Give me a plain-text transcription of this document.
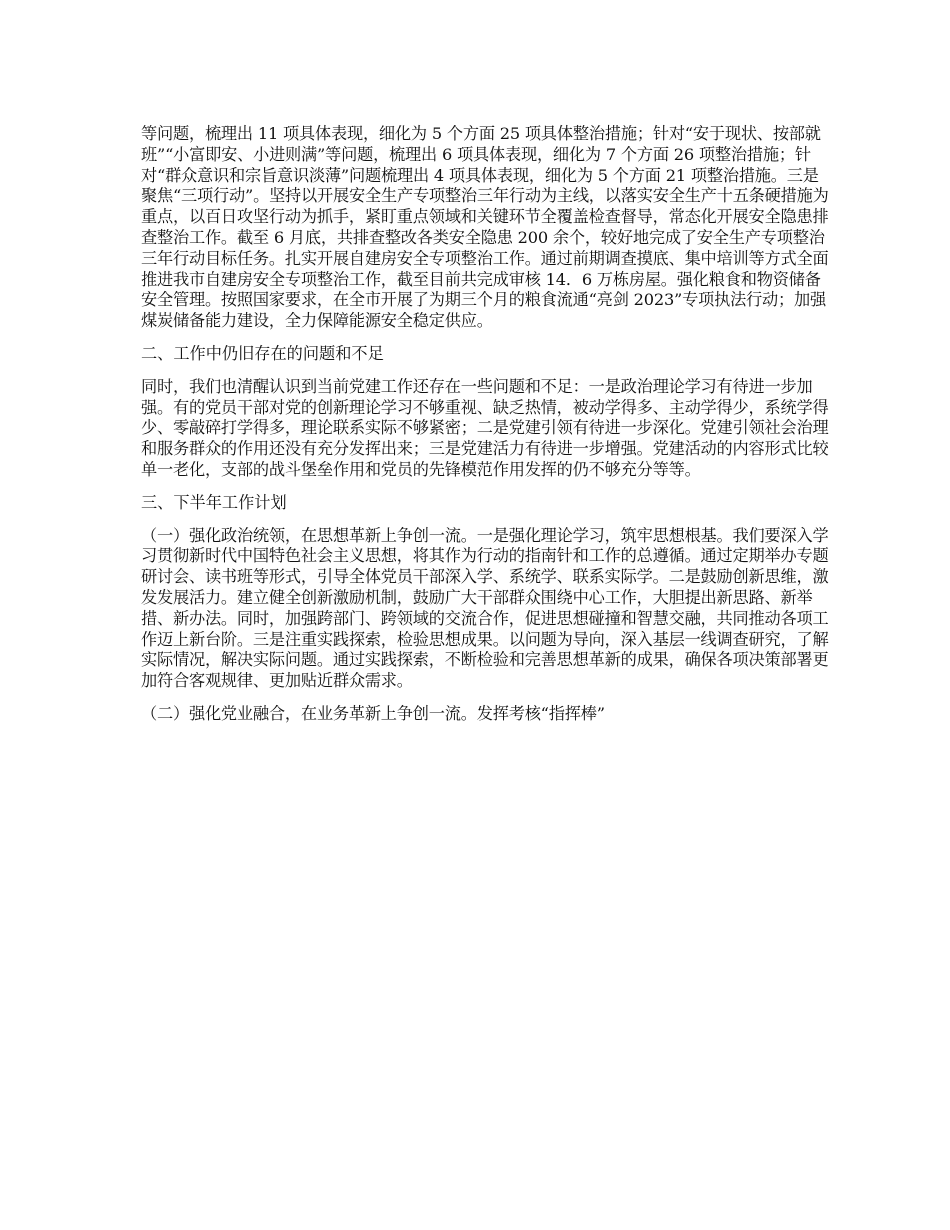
等问题，梳理出 11 项具体表现，细化为 5 个方面 25 项具体整治措施；针对“安于现状、按部就班”“小富即安、小进则满”等问题，梳理出 6 项具体表现，细化为 7 个方面 26 项整治措施；针对“群众意识和宗旨意识淡薄”问题梳理出 4 项具体表现，细化为 5 个方面 21 项整治措施。三是聚焦“三项行动”。坚持以开展安全生产专项整治三年行动为主线，以落实安全生产十五条硬措施为重点，以百日攻坚行动为抓手，紧盯重点领域和关键环节全覆盖检查督导，常态化开展安全隐患排查整治工作。截至 6 月底，共排查整改各类安全隐患 200 余个，较好地完成了安全生产专项整治三年行动目标任务。扎实开展自建房安全专项整治工作。通过前期调查摸底、集中培训等方式全面推进我市自建房安全专项整治工作，截至目前共完成审核 14．6 万栋房屋。强化粮食和物资储备安全管理。按照国家要求，在全市开展了为期三个月的粮食流通“亮剑 2023”专项执法行动；加强煤炭储备能力建设，全力保障能源安全稳定供应。

二、工作中仍旧存在的问题和不足

同时，我们也清醒认识到当前党建工作还存在一些问题和不足：一是政治理论学习有待进一步加强。有的党员干部对党的创新理论学习不够重视、缺乏热情，被动学得多、主动学得少，系统学得少、零敲碎打学得多，理论联系实际不够紧密；二是党建引领有待进一步深化。党建引领社会治理和服务群众的作用还没有充分发挥出来；三是党建活力有待进一步增强。党建活动的内容形式比较单一老化，支部的战斗堡垒作用和党员的先锋模范作用发挥的仍不够充分等等。

三、下半年工作计划

（一）强化政治统领，在思想革新上争创一流。一是强化理论学习，筑牢思想根基。我们要深入学习贯彻新时代中国特色社会主义思想，将其作为行动的指南针和工作的总遵循。通过定期举办专题研讨会、读书班等形式，引导全体党员干部深入学、系统学、联系实际学。二是鼓励创新思维，激发发展活力。建立健全创新激励机制，鼓励广大干部群众围绕中心工作，大胆提出新思路、新举措、新办法。同时，加强跨部门、跨领域的交流合作，促进思想碰撞和智慧交融，共同推动各项工作迈上新台阶。三是注重实践探索，检验思想成果。以问题为导向，深入基层一线调查研究，了解实际情况，解决实际问题。通过实践探索，不断检验和完善思想革新的成果，确保各项决策部署更加符合客观规律、更加贴近群众需求。

（二）强化党业融合，在业务革新上争创一流。发挥考核“指挥棒”
